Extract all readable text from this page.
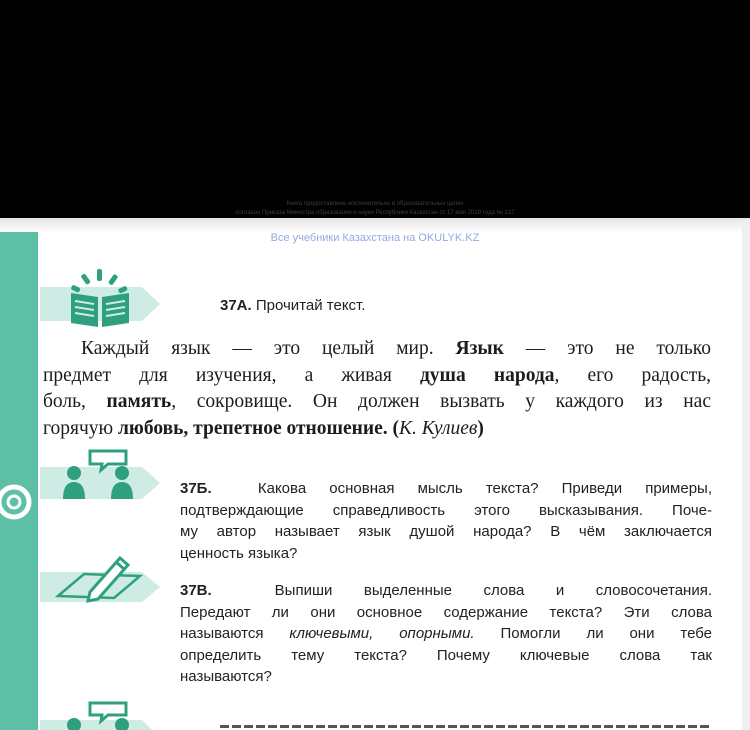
Книга предоставлена исключительно в образовательных целях
согласно Приказа Министра образования и науки Республики Казахстан от 17 мая 2019 года № 217
Все учебники Казахстана на OKULYK.KZ
37А. Прочитай текст.
Каждый язык — это целый мир. Язык — это не только
предмет для изучения, а живая душа народа, его радость,
боль, память, сокровище. Он должен вызвать у каждого из нас
горячую любовь, трепетное отношение. (К. Кулиев)
37Б.	Какова основная мысль текста? Приведи примеры,
подтверждающие справедливость этого высказывания. Поче-
му автор называет язык душой народа? В чём заключается
ценность языка?
37В.	Выпиши выделенные слова и словосочетания.
Передают ли они основное содержание текста? Эти слова
называются ключевыми, опорными. Помогли ли они тебе
определить тему текста? Почему ключевые слова так
называются?
